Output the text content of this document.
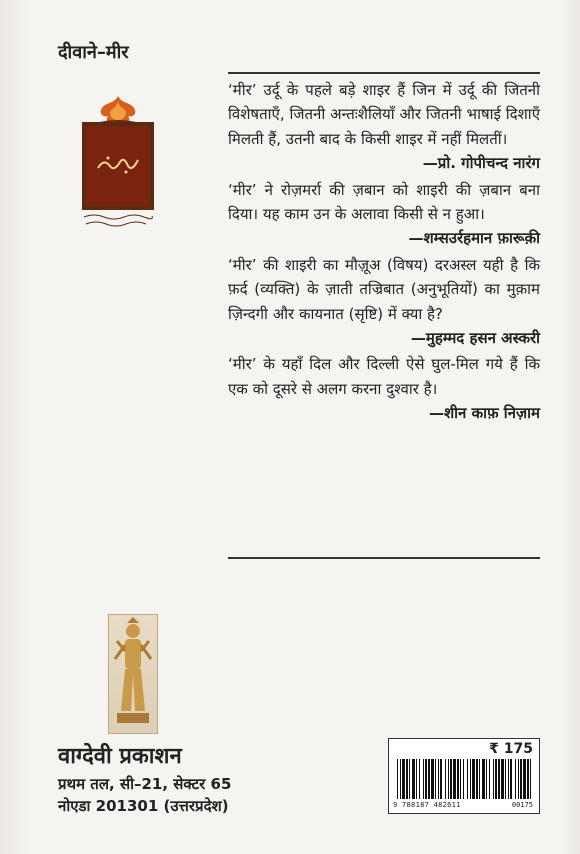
दीवाने–मीर

‘मीर’ उर्दू के पहले बड़े शाइर हैं जिन में उर्दू की जितनी विशेषताएँ, जितनी अन्तःशैलियाँ और जितनी भाषाई दिशाएँ मिलती हैं, उतनी बाद के किसी शाइर में नहीं मिलतीं।

—प्रो. गोपीचन्द नारंग

‘मीर’ ने रोज़मर्रा की ज़बान को शाइरी की ज़बान बना दिया। यह काम उन के अलावा किसी से न हुआ।

—शम्सउर्रहमान फ़ारूक़ी

‘मीर’ की शाइरी का मौज़ूअ (विषय) दरअस्ल यही है कि फ़र्द (व्यक्ति) के ज़ाती तज्रिबात (अनुभूतियों) का मुक़ाम ज़िन्दगी और कायनात (सृष्टि) में क्या है?

—मुहम्मद हसन अस्करी

‘मीर’ के यहाँ दिल और दिल्ली ऐसे घुल-मिल गये हैं कि एक को दूसरे से अलग करना दुश्वार है।

—शीन काफ़ निज़ाम

वाग्देवी प्रकाशन

प्रथम तल, सी–21, सेक्टर 65

नोएडा 201301 (उत्तरप्रदेश)

₹ 175
9 788187 482611	00175
